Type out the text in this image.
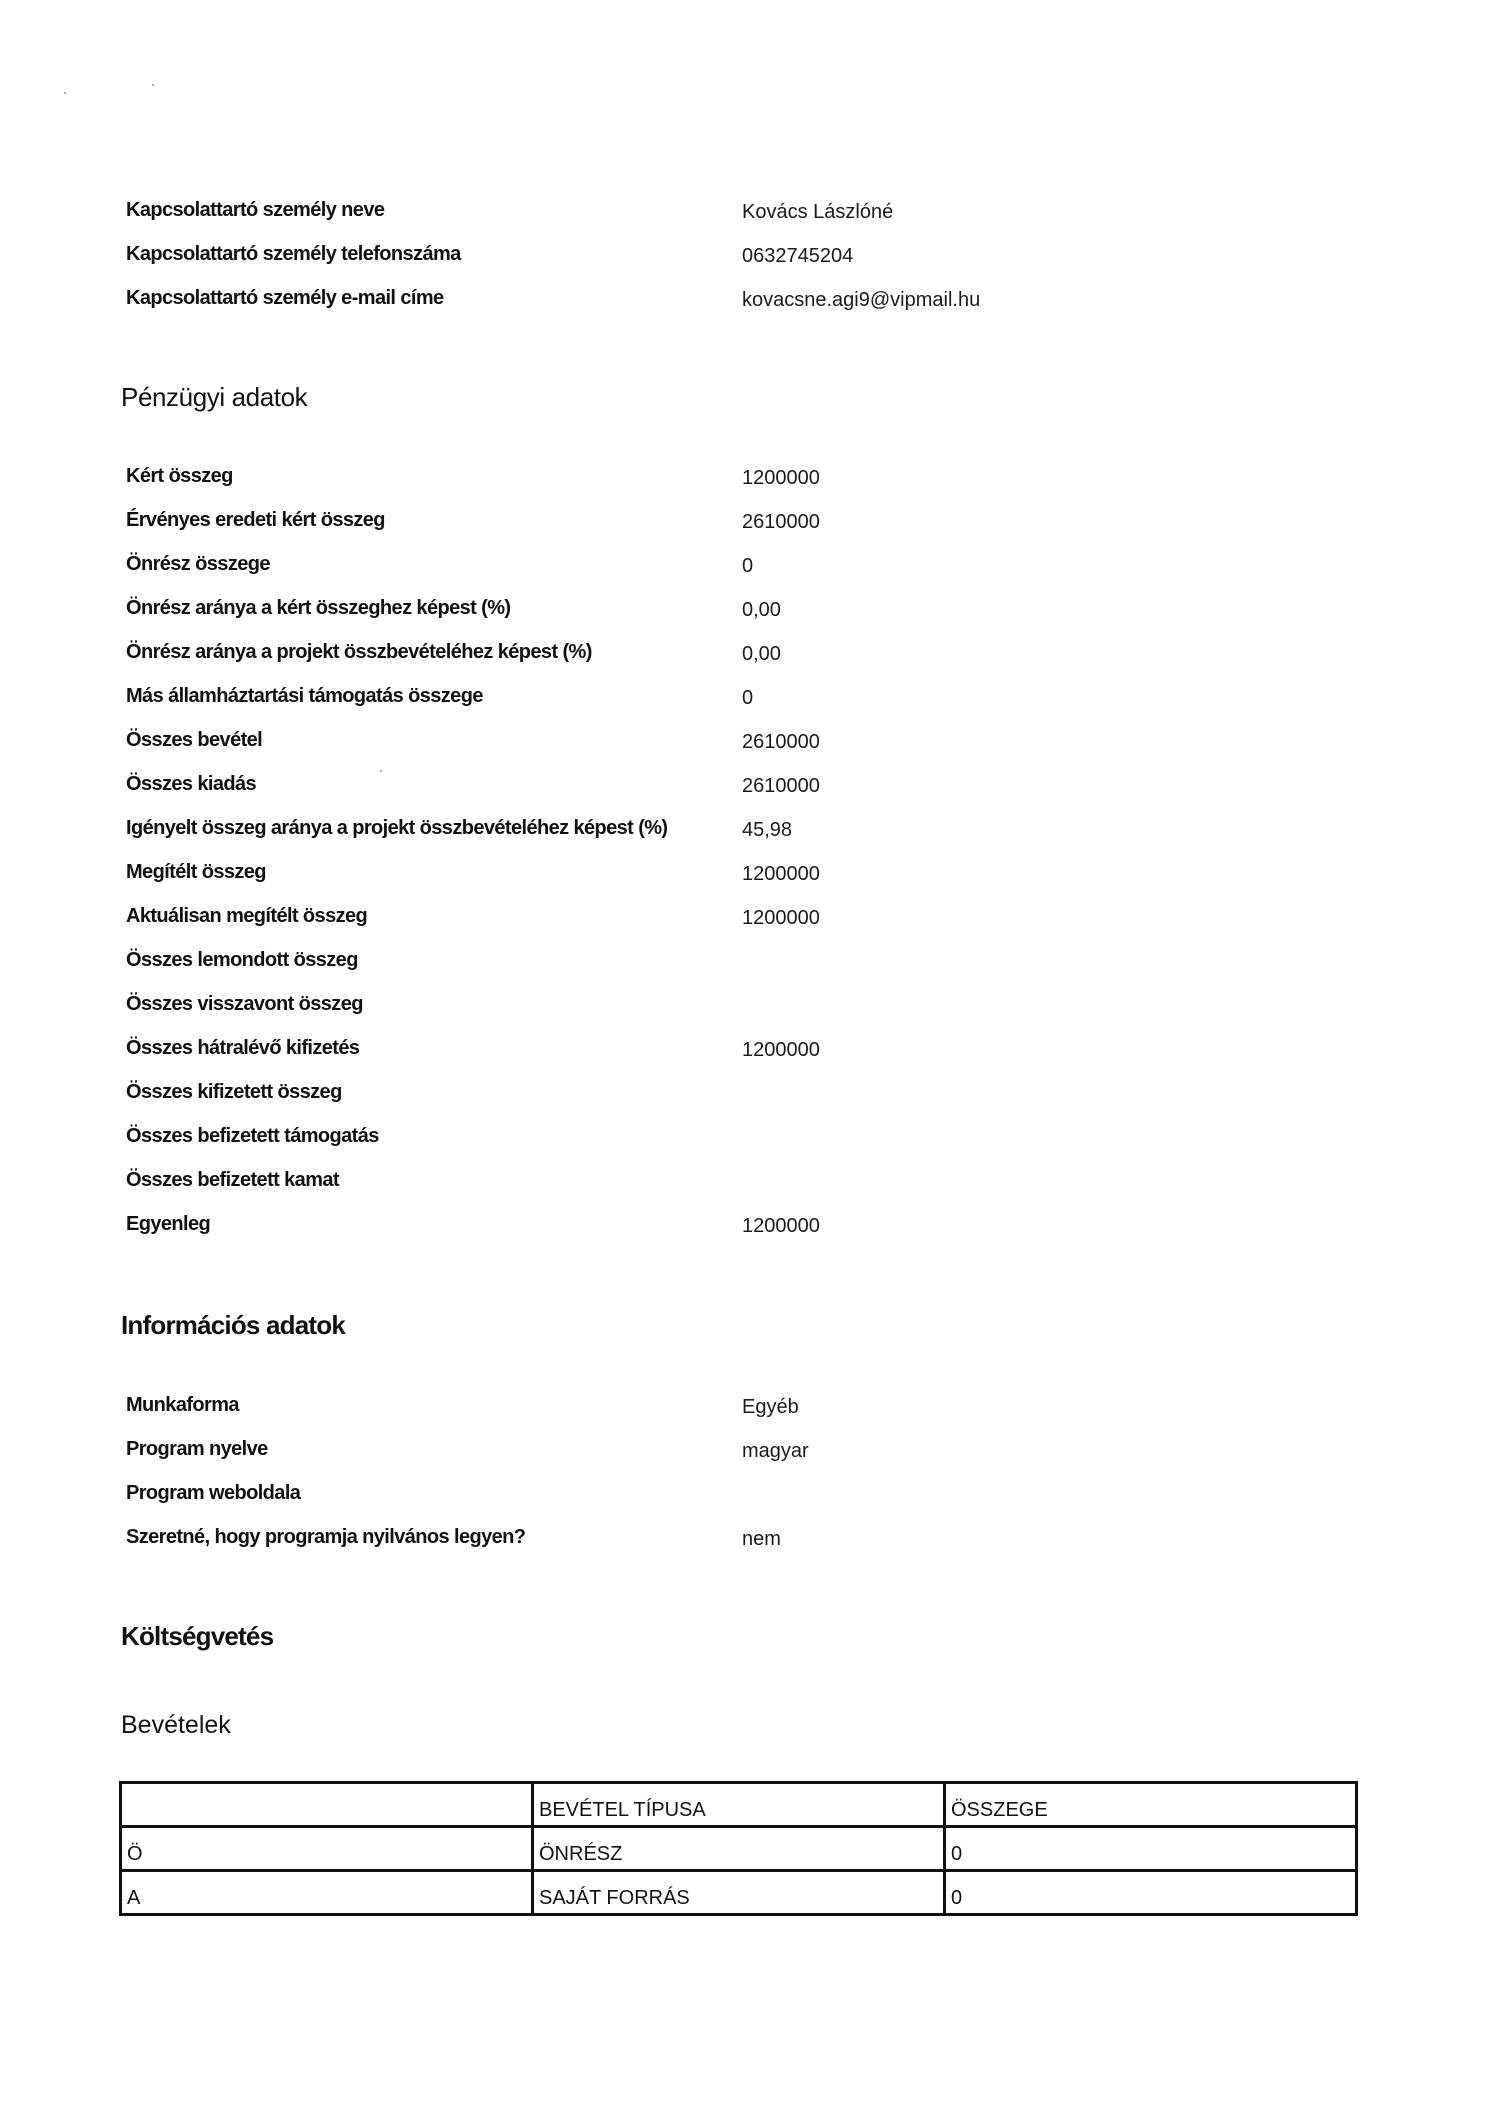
Kapcsolattartó személy neve	Kovács Lászlóné
Kapcsolattartó személy telefonszáma	0632745204
Kapcsolattartó személy e-mail címe	kovacsne.agi9@vipmail.hu
Pénzügyi adatok
Kért összeg	1200000
Érvényes eredeti kért összeg	2610000
Önrész összege	0
Önrész aránya a kért összeghez képest (%)	0,00
Önrész aránya a projekt összbevételéhez képest (%)	0,00
Más államháztartási támogatás összege	0
Összes bevétel	2610000
Összes kiadás	2610000
Igényelt összeg aránya a projekt összbevételéhez képest (%)	45,98
Megítélt összeg	1200000
Aktuálisan megítélt összeg	1200000
Összes lemondott összeg
Összes visszavont összeg
Összes hátralévő kifizetés	1200000
Összes kifizetett összeg
Összes befizetett támogatás
Összes befizetett kamat
Egyenleg	1200000
Információs adatok
Munkaforma	Egyéb
Program nyelve	magyar
Program weboldala
Szeretné, hogy programja nyilvános legyen?	nem
Költségvetés
Bevételek
	BEVÉTEL TÍPUSA	ÖSSZEGE
Ö	ÖNRÉSZ	0
A	SAJÁT FORRÁS	0
